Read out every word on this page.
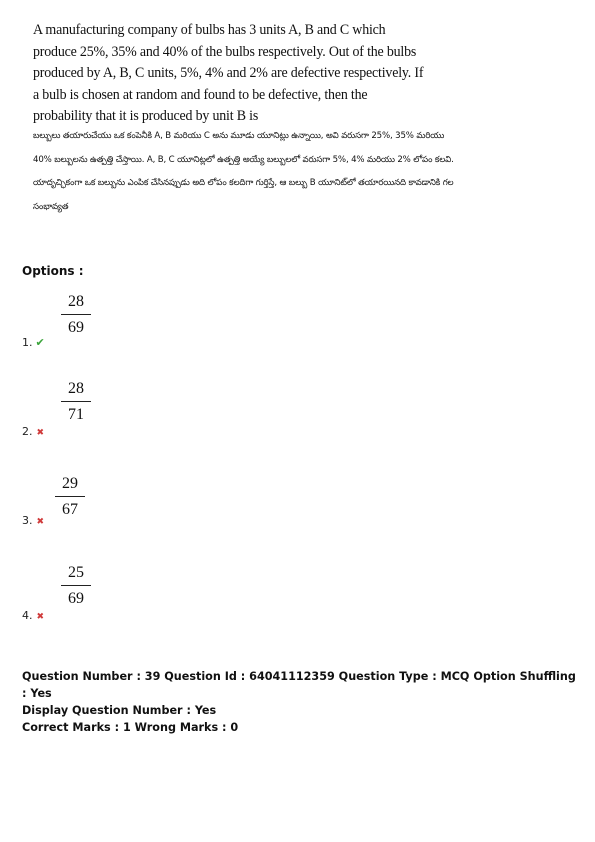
A manufacturing company of bulbs has 3 units A, B and C which produce 25%, 35% and 40% of the bulbs respectively. Out of the bulbs produced by A, B, C units, 5%, 4% and 2% are defective respectively. If a bulb is chosen at random and found to be defective, then the probability that it is produced by unit B is
బల్బులు తయారుచేయు ఒక కంపెనీకి A, B మరియు C అను మూడు యూనిట్లు ఉన్నాయి, అవి వరుసగా 25%, 35% మరియు 40% బల్బులను ఉత్పత్తి చేస్తాయి. A, B, C యూనిట్లలో ఉత్పత్తి అయ్యే బల్బులలో వరుసగా 5%, 4% మరియు 2% లోపం కలవి. యాదృచ్ఛికంగా ఒక బల్బును ఎంపిక చేసినప్పుడు అది లోపం కలదిగా గుర్తిస్తే, ఆ బల్బు B యూనిట్‌లో తయారయినది కావడానికి గల సంభావ్యత
Options :
28
69
1. ✔
28
71
2. ✖
29
67
3. ✖
25
69
4. ✖
Question Number : 39 Question Id : 64041112359 Question Type : MCQ Option Shuffling : Yes
Display Question Number : Yes
Correct Marks : 1 Wrong Marks : 0
